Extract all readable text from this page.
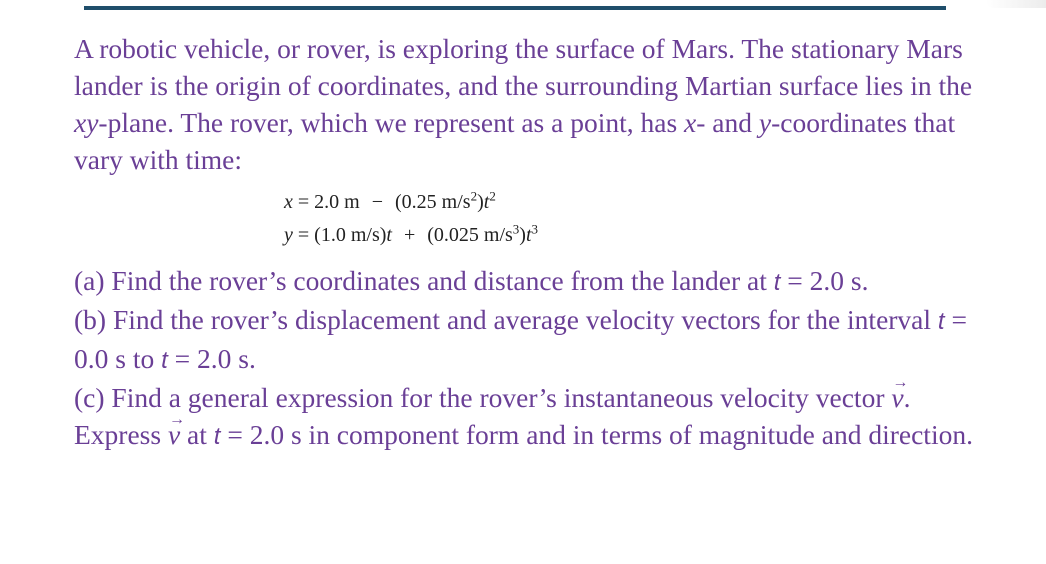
A robotic vehicle, or rover, is exploring the surface of Mars. The stationary Mars lander is the origin of coordinates, and the surrounding Martian surface lies in the xy-plane. The rover, which we represent as a point, has x- and y-coordinates that vary with time:

x = 2.0 m − (0.25 $m/s^2)t^2$
y = (1.0 m/s)t + (0.025 $m/s^3)t^3$

(a) Find the rover’s coordinates and distance from the lander at t = 2.0 s.

(b) Find the rover’s displacement and average velocity vectors for the interval t = 0.0 s to t = 2.0 s.

(c) Find a general expression for the rover’s instantaneous velocity vector → v. Express → v at t = 2.0 s in component form and in terms of magnitude and direction.
